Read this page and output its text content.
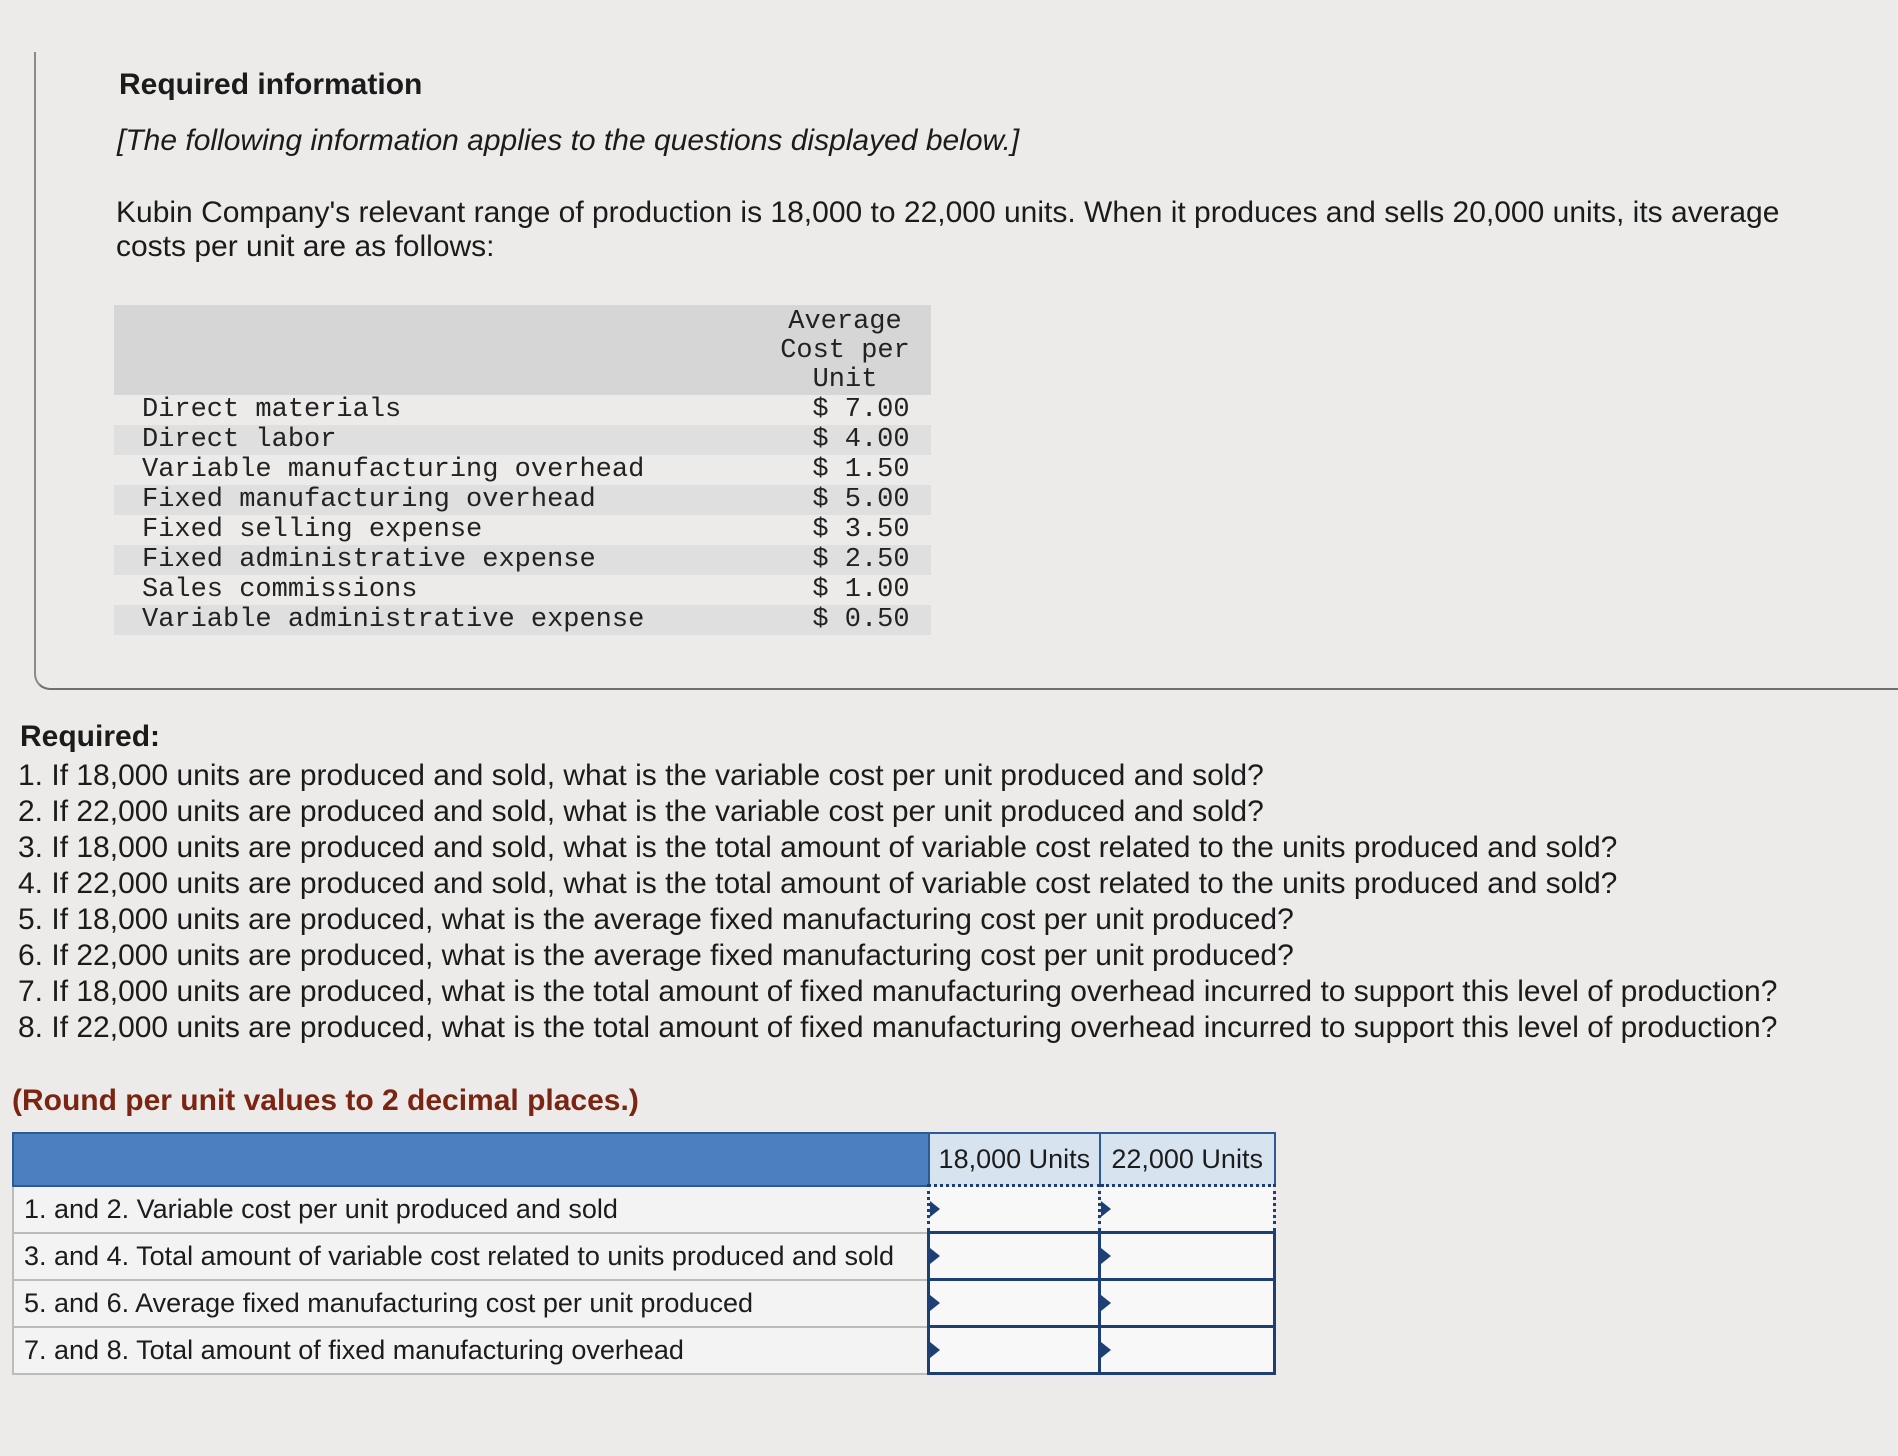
Required information
[The following information applies to the questions displayed below.]
Kubin Company's relevant range of production is 18,000 to 22,000 units. When it produces and sells 20,000 units, its average costs per unit are as follows:
Average Cost per Unit
Direct materials	$ 7.00
Direct labor	$ 4.00
Variable manufacturing overhead	$ 1.50
Fixed manufacturing overhead	$ 5.00
Fixed selling expense	$ 3.50
Fixed administrative expense	$ 2.50
Sales commissions	$ 1.00
Variable administrative expense	$ 0.50
Required:
1. If 18,000 units are produced and sold, what is the variable cost per unit produced and sold?
2. If 22,000 units are produced and sold, what is the variable cost per unit produced and sold?
3. If 18,000 units are produced and sold, what is the total amount of variable cost related to the units produced and sold?
4. If 22,000 units are produced and sold, what is the total amount of variable cost related to the units produced and sold?
5. If 18,000 units are produced, what is the average fixed manufacturing cost per unit produced?
6. If 22,000 units are produced, what is the average fixed manufacturing cost per unit produced?
7. If 18,000 units are produced, what is the total amount of fixed manufacturing overhead incurred to support this level of production?
8. If 22,000 units are produced, what is the total amount of fixed manufacturing overhead incurred to support this level of production?
(Round per unit values to 2 decimal places.)
	18,000 Units	22,000 Units
1. and 2. Variable cost per unit produced and sold		
3. and 4. Total amount of variable cost related to units produced and sold		
5. and 6. Average fixed manufacturing cost per unit produced		
7. and 8. Total amount of fixed manufacturing overhead		
